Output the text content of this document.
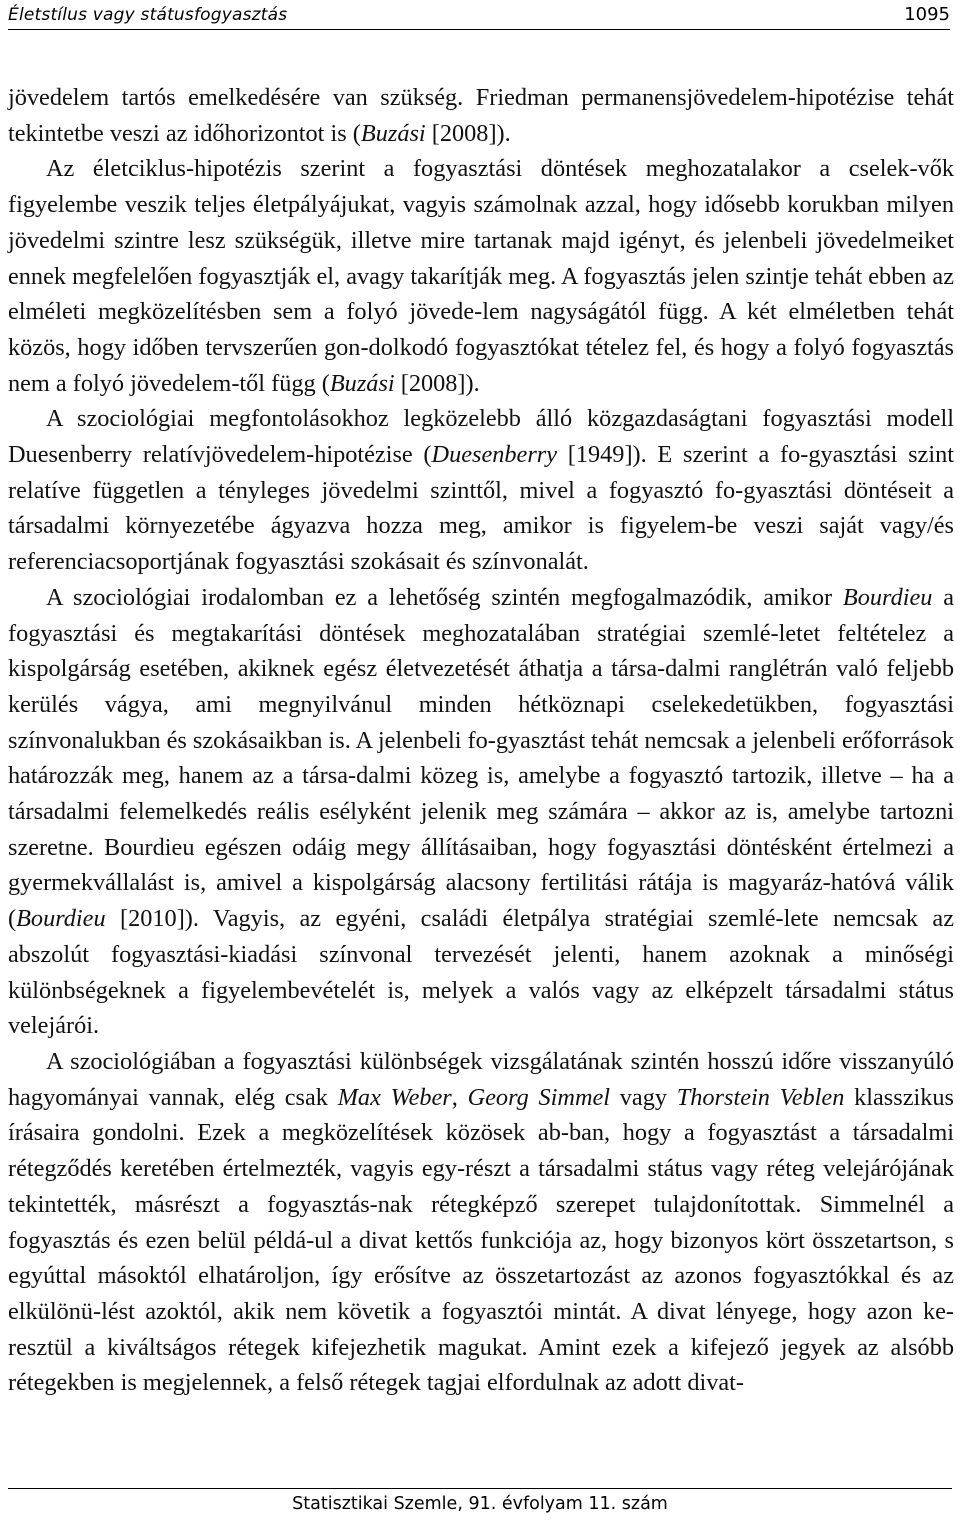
Életstílus vagy státusfogyasztás	1095

jövedelem tartós emelkedésére van szükség. Friedman permanensjövedelem-hipotézise tehát tekintetbe veszi az időhorizontot is (Buzási [2008]).

Az életciklus-hipotézis szerint a fogyasztási döntések meghozatalakor a cselek-vők figyelembe veszik teljes életpályájukat, vagyis számolnak azzal, hogy idősebb korukban milyen jövedelmi szintre lesz szükségük, illetve mire tartanak majd igényt, és jelenbeli jövedelmeiket ennek megfelelően fogyasztják el, avagy takarítják meg. A fogyasztás jelen szintje tehát ebben az elméleti megközelítésben sem a folyó jövede-lem nagyságától függ. A két elméletben tehát közös, hogy időben tervszerűen gon-dolkodó fogyasztókat tételez fel, és hogy a folyó fogyasztás nem a folyó jövedelem-től függ (Buzási [2008]).

A szociológiai megfontolásokhoz legközelebb álló közgazdaságtani fogyasztási modell Duesenberry relatívjövedelem-hipotézise (Duesenberry [1949]). E szerint a fo-gyasztási szint relatíve független a tényleges jövedelmi szinttől, mivel a fogyasztó fo-gyasztási döntéseit a társadalmi környezetébe ágyazva hozza meg, amikor is figyelem-be veszi saját vagy/és referenciacsoportjának fogyasztási szokásait és színvonalát.

A szociológiai irodalomban ez a lehetőség szintén megfogalmazódik, amikor Bourdieu a fogyasztási és megtakarítási döntések meghozatalában stratégiai szemlé-letet feltételez a kispolgárság esetében, akiknek egész életvezetését áthatja a társa-dalmi ranglétrán való feljebb kerülés vágya, ami megnyilvánul minden hétköznapi cselekedetükben, fogyasztási színvonalukban és szokásaikban is. A jelenbeli fo-gyasztást tehát nemcsak a jelenbeli erőforrások határozzák meg, hanem az a társa-dalmi közeg is, amelybe a fogyasztó tartozik, illetve – ha a társadalmi felemelkedés reális esélyként jelenik meg számára – akkor az is, amelybe tartozni szeretne. Bourdieu egészen odáig megy állításaiban, hogy fogyasztási döntésként értelmezi a gyermekvállalást is, amivel a kispolgárság alacsony fertilitási rátája is magyaráz-hatóvá válik (Bourdieu [2010]). Vagyis, az egyéni, családi életpálya stratégiai szemlé-lete nemcsak az abszolút fogyasztási-kiadási színvonal tervezését jelenti, hanem azoknak a minőségi különbségeknek a figyelembevételét is, melyek a valós vagy az elképzelt társadalmi státus velejárói.

A szociológiában a fogyasztási különbségek vizsgálatának szintén hosszú időre visszanyúló hagyományai vannak, elég csak Max Weber, Georg Simmel vagy Thorstein Veblen klasszikus írásaira gondolni. Ezek a megközelítések közösek ab-ban, hogy a fogyasztást a társadalmi rétegződés keretében értelmezték, vagyis egy-részt a társadalmi státus vagy réteg velejárójának tekintették, másrészt a fogyasztás-nak rétegképző szerepet tulajdonítottak. Simmelnél a fogyasztás és ezen belül példá-ul a divat kettős funkciója az, hogy bizonyos kört összetartson, s egyúttal másoktól elhatároljon, így erősítve az összetartozást az azonos fogyasztókkal és az elkülönü-lést azoktól, akik nem követik a fogyasztói mintát. A divat lényege, hogy azon ke-resztül a kiváltságos rétegek kifejezhetik magukat. Amint ezek a kifejező jegyek az alsóbb rétegekben is megjelennek, a felső rétegek tagjai elfordulnak az adott divat-

Statisztikai Szemle, 91. évfolyam 11. szám
